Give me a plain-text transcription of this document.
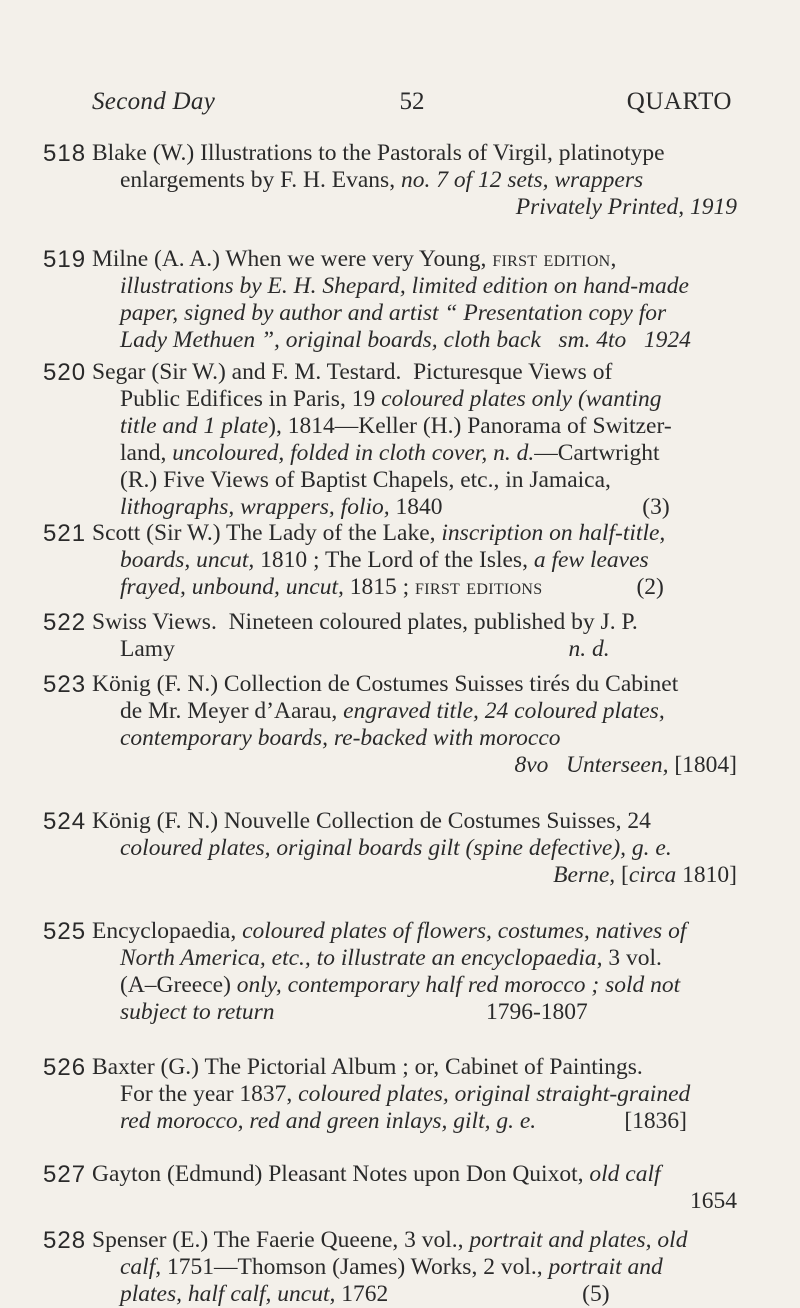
Second Day	52	QUARTO
518 Blake (W.) Illustrations to the Pastorals of Virgil, platinotype
enlargements by F. H. Evans, no. 7 of 12 sets, wrappers
Privately Printed, 1919
519 Milne (A. A.) When we were very Young, first edition,
illustrations by E. H. Shepard, limited edition on hand-made
paper, signed by author and artist “ Presentation copy for
Lady Methuen ”, original boards, cloth back   sm. 4to   1924
520 Segar (Sir W.) and F. M. Testard.  Picturesque Views of
Public Edifices in Paris, 19 coloured plates only (wanting
title and 1 plate), 1814—Keller (H.) Panorama of Switzer-
land, uncoloured, folded in cloth cover, n. d.—Cartwright
(R.) Five Views of Baptist Chapels, etc., in Jamaica,
lithographs, wrappers, folio, 1840                                  (3)
521 Scott (Sir W.) The Lady of the Lake, inscription on half-title,
boards, uncut, 1810 ; The Lord of the Isles, a few leaves
frayed, unbound, uncut, 1815 ; first editions                (2)
522 Swiss Views.  Nineteen coloured plates, published by J. P.
Lamy                                                                   n. d.
523 König (F. N.) Collection de Costumes Suisses tirés du Cabinet
de Mr. Meyer d’Aarau, engraved title, 24 coloured plates,
contemporary boards, re-backed with morocco
8vo   Unterseen, [1804]
524 König (F. N.) Nouvelle Collection de Costumes Suisses, 24
coloured plates, original boards gilt (spine defective), g. e.
Berne, [circa 1810]
525 Encyclopaedia, coloured plates of flowers, costumes, natives of
North America, etc., to illustrate an encyclopaedia, 3 vol.
(A–Greece) only, contemporary half red morocco ; sold not
subject to return                                    1796-1807
526 Baxter (G.) The Pictorial Album ; or, Cabinet of Paintings.
For the year 1837, coloured plates, original straight-grained
red morocco, red and green inlays, gilt, g. e.               [1836]
527 Gayton (Edmund) Pleasant Notes upon Don Quixot, old calf
1654
528 Spenser (E.) The Faerie Queene, 3 vol., portrait and plates, old
calf, 1751—Thomson (James) Works, 2 vol., portrait and
plates, half calf, uncut, 1762                                 (5)
